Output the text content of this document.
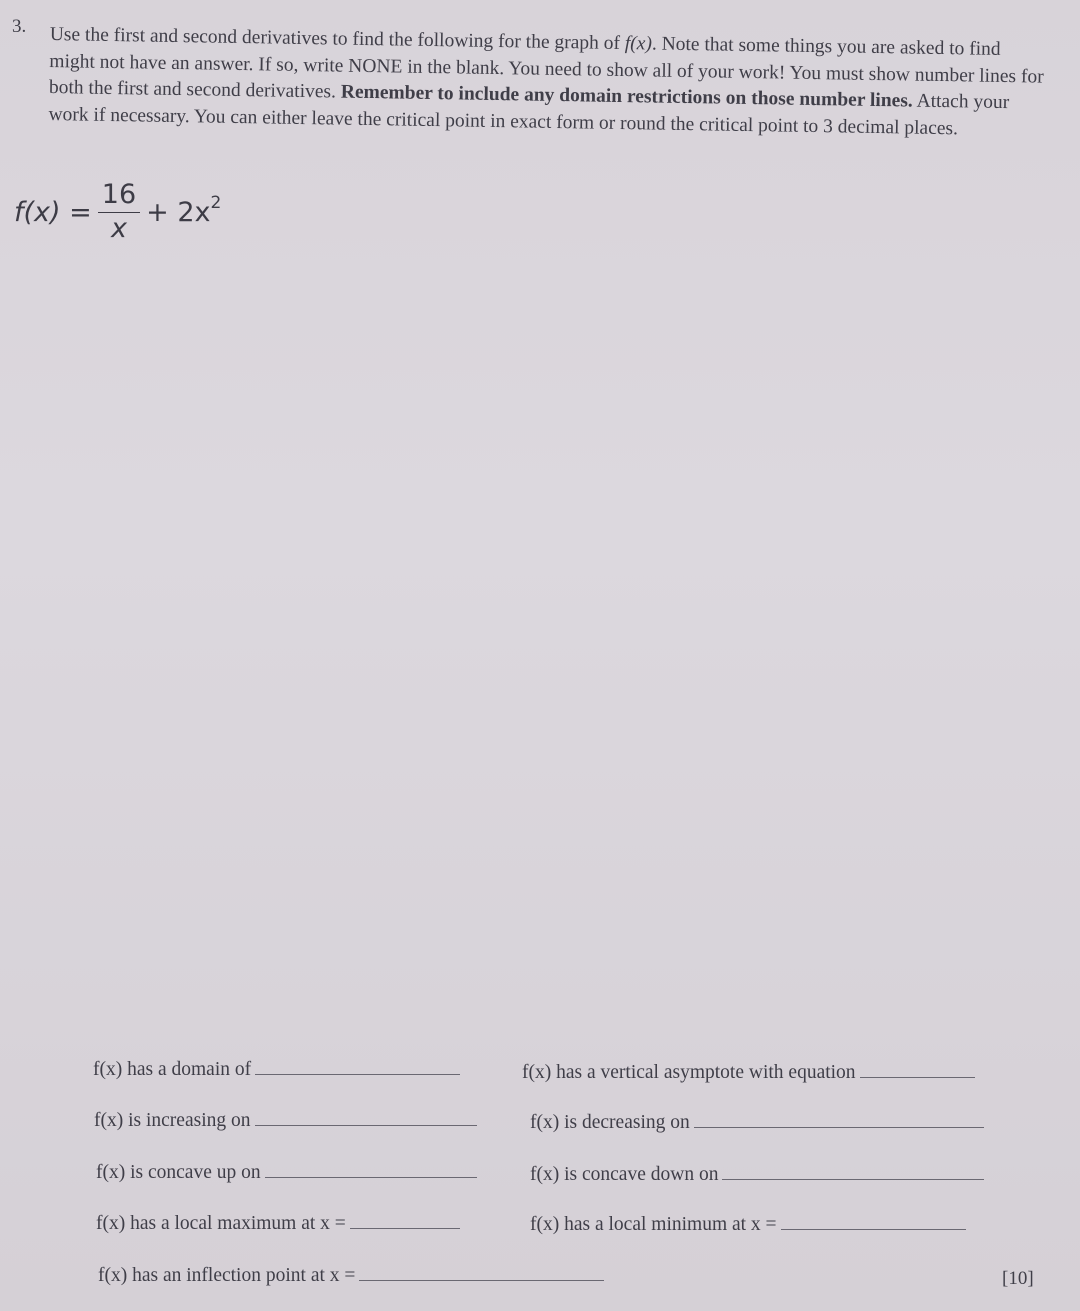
3. Use the first and second derivatives to find the following for the graph of f(x). Note that some things you are asked to find might not have an answer. If so, write NONE in the blank. You need to show all of your work! You must show number lines for both the first and second derivatives. Remember to include any domain restrictions on those number lines. Attach your work if necessary. You can either leave the critical point in exact form or round the critical point to 3 decimal places.
$f(x) = \frac{16}{x} + 2x$ 2
f(x) has a domain of	f(x) has a vertical asymptote with equation
f(x) is increasing on	f(x) is decreasing on
f(x) is concave up on	f(x) is concave down on
f(x) has a local maximum at x =	f(x) has a local minimum at x =
f(x) has an inflection point at x =	[10]
